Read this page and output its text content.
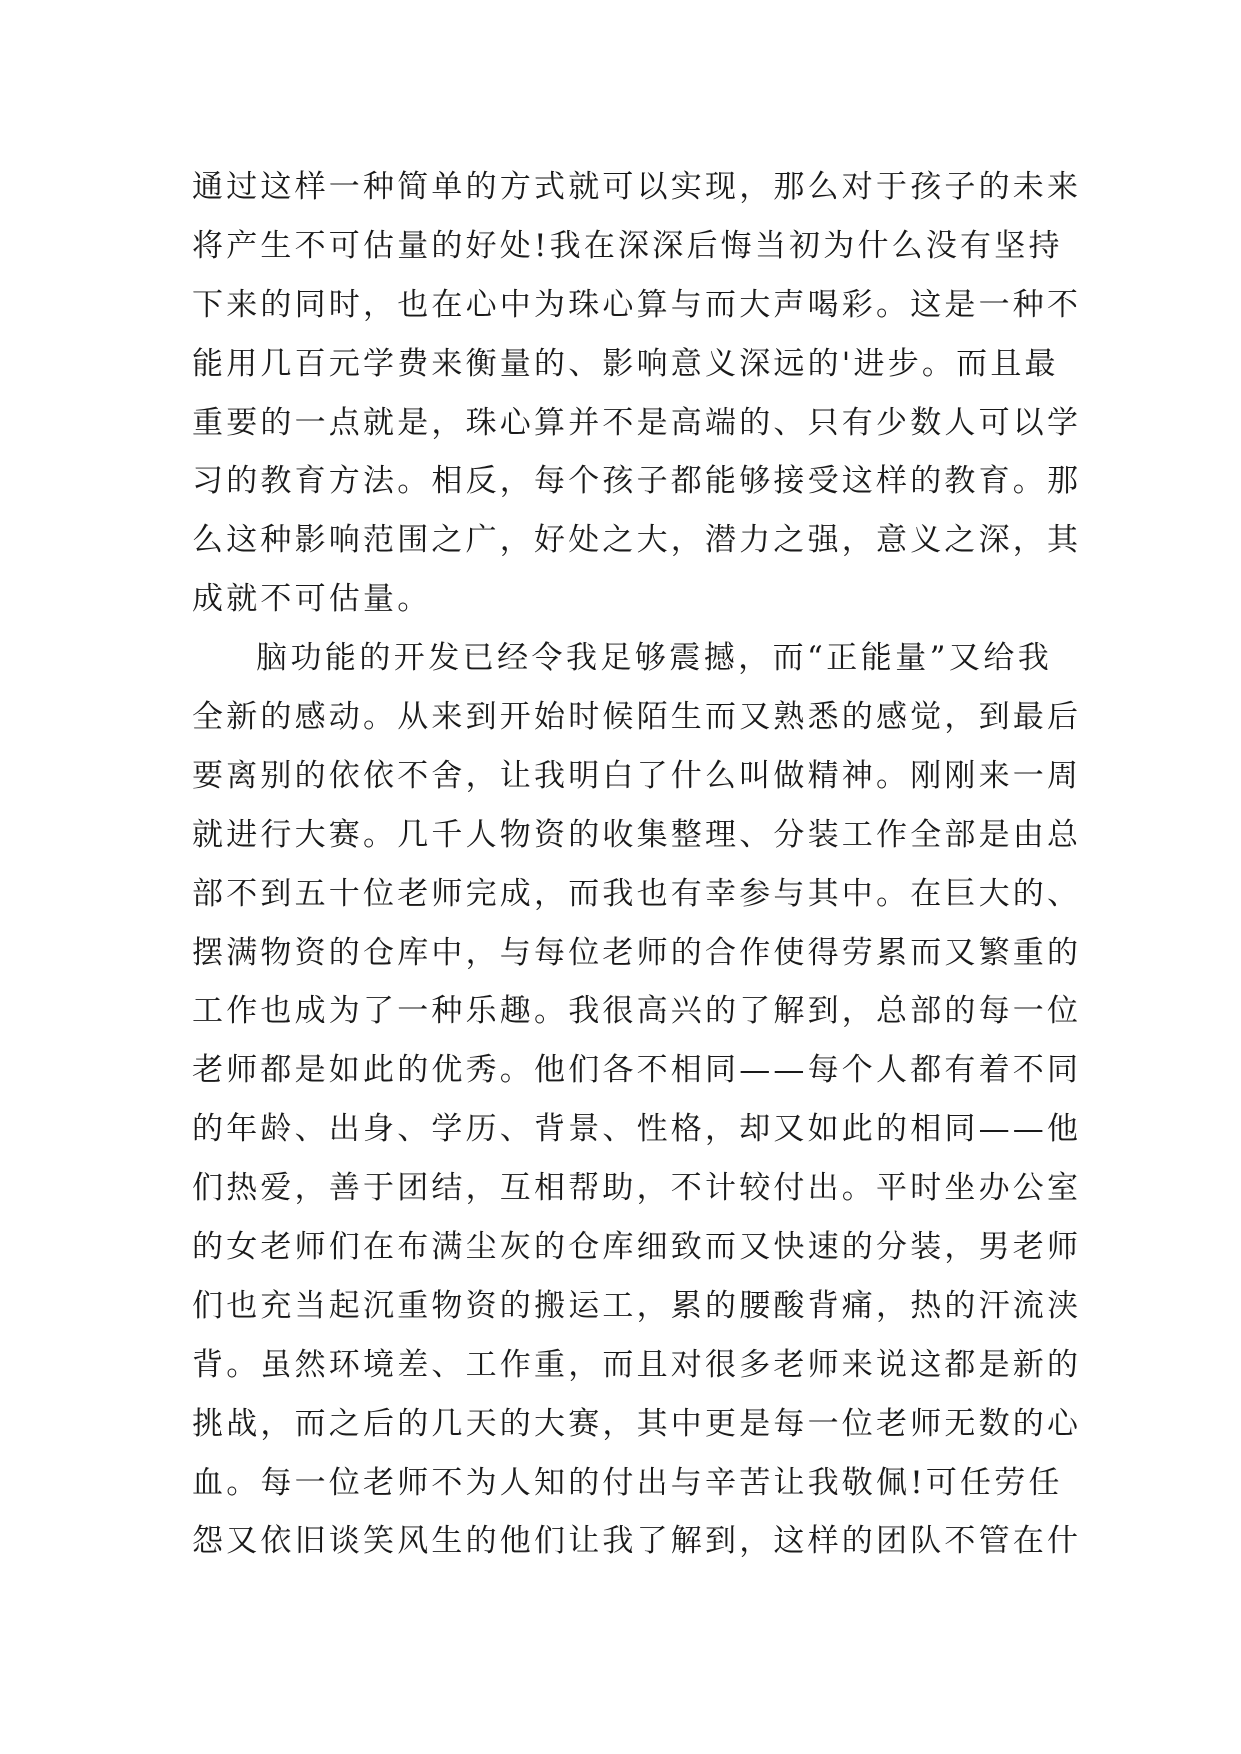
通过这样一种简单的方式就可以实现，那么对于孩子的未来
将产生不可估量的好处!我在深深后悔当初为什么没有坚持
下来的同时，也在心中为珠心算与而大声喝彩。这是一种不
能用几百元学费来衡量的、影响意义深远的'进步。而且最
重要的一点就是，珠心算并不是高端的、只有少数人可以学
习的教育方法。相反，每个孩子都能够接受这样的教育。那
么这种影响范围之广，好处之大，潜力之强，意义之深，其
成就不可估量。
脑功能的开发已经令我足够震撼，而“正能量”又给我
全新的感动。从来到开始时候陌生而又熟悉的感觉，到最后
要离别的依依不舍，让我明白了什么叫做精神。刚刚来一周
就进行大赛。几千人物资的收集整理、分装工作全部是由总
部不到五十位老师完成，而我也有幸参与其中。在巨大的、
摆满物资的仓库中，与每位老师的合作使得劳累而又繁重的
工作也成为了一种乐趣。我很高兴的了解到，总部的每一位
老师都是如此的优秀。他们各不相同——每个人都有着不同
的年龄、出身、学历、背景、性格，却又如此的相同——他
们热爱，善于团结，互相帮助，不计较付出。平时坐办公室
的女老师们在布满尘灰的仓库细致而又快速的分装，男老师
们也充当起沉重物资的搬运工，累的腰酸背痛，热的汗流浃
背。虽然环境差、工作重，而且对很多老师来说这都是新的
挑战，而之后的几天的大赛，其中更是每一位老师无数的心
血。每一位老师不为人知的付出与辛苦让我敬佩!可任劳任
怨又依旧谈笑风生的他们让我了解到，这样的团队不管在什
